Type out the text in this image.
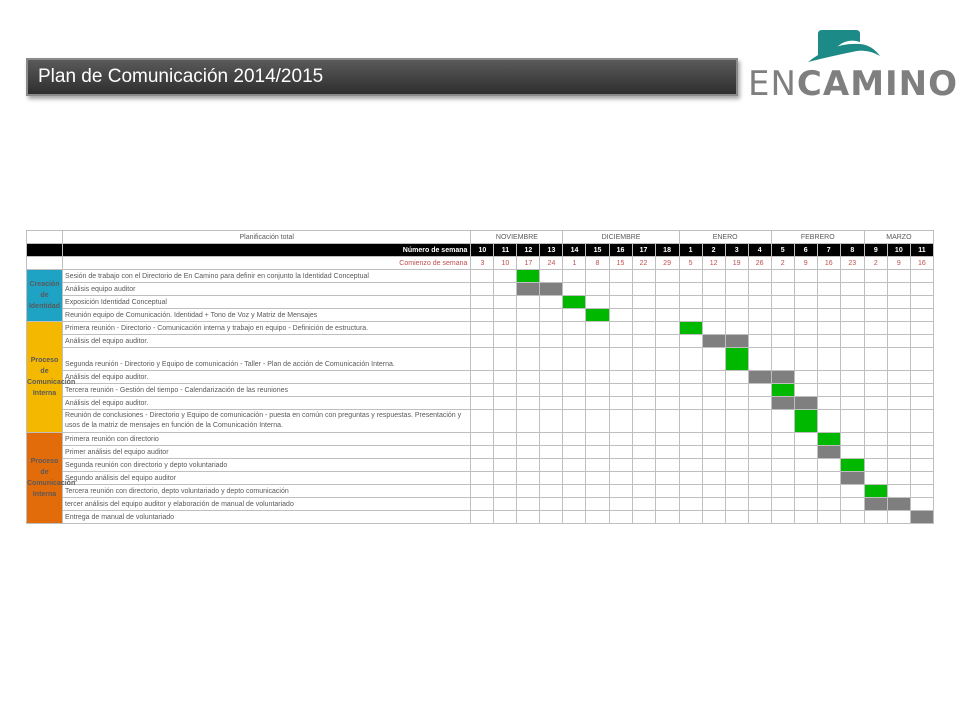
Plan de Comunicación 2014/2015	ENCAMINO
	Planificación total	NOVIEMBRE				DICIEMBRE					ENERO				FEBRERO				MARZO		
	Número de semana	10	11	12	13	14	15	16	17	18	1	2	3	4	5	6	7	8	9	10	11
	Comienzo de semana	3	10	17	24	1	8	15	22	29	5	12	19	26	2	9	16	23	2	9	16
Creación de Identidad	Sesión de trabajo con el Directorio de En Camino para definir en conjunto la Identidad Conceptual																				
	Análisis equipo auditor																				
	Exposición Identidad Conceptual																				
	Reunión equipo de Comunicación. Identidad + Tono de Voz y Matriz de Mensajes																				
Proceso de Comunicación Interna	Primera reunión - Directorio - Comunicación interna y trabajo en equipo - Definición de estructura.																				
	Análisis del equipo auditor.																				
	Segunda reunión - Directorio y Equipo de comunicación - Taller - Plan de acción de Comunicación Interna.																				
	Análisis del equipo auditor.																				
	Tercera reunión - Gestión del tiempo - Calendarización de las reuniones																				
	Análisis del equipo auditor.																				
	Reunión de conclusiones - Directorio y Equipo de comunicación - puesta en común con preguntas y respuestas. Presentación y usos de la matriz de mensajes en función de la Comunicación Interna.																				
Proceso de Comunicación Interna	Primera reunión con directorio																				
	Primer análisis del equipo auditor																				
	Segunda reunión con directorio y depto voluntariado																				
	Segundo análisis del equipo auditor																				
	Tercera reunión con directorio, depto voluntariado y depto comunicación																				
	tercer análisis del equipo auditor y elaboración de manual de voluntariado																				
	Entrega de manual de voluntariado																				
